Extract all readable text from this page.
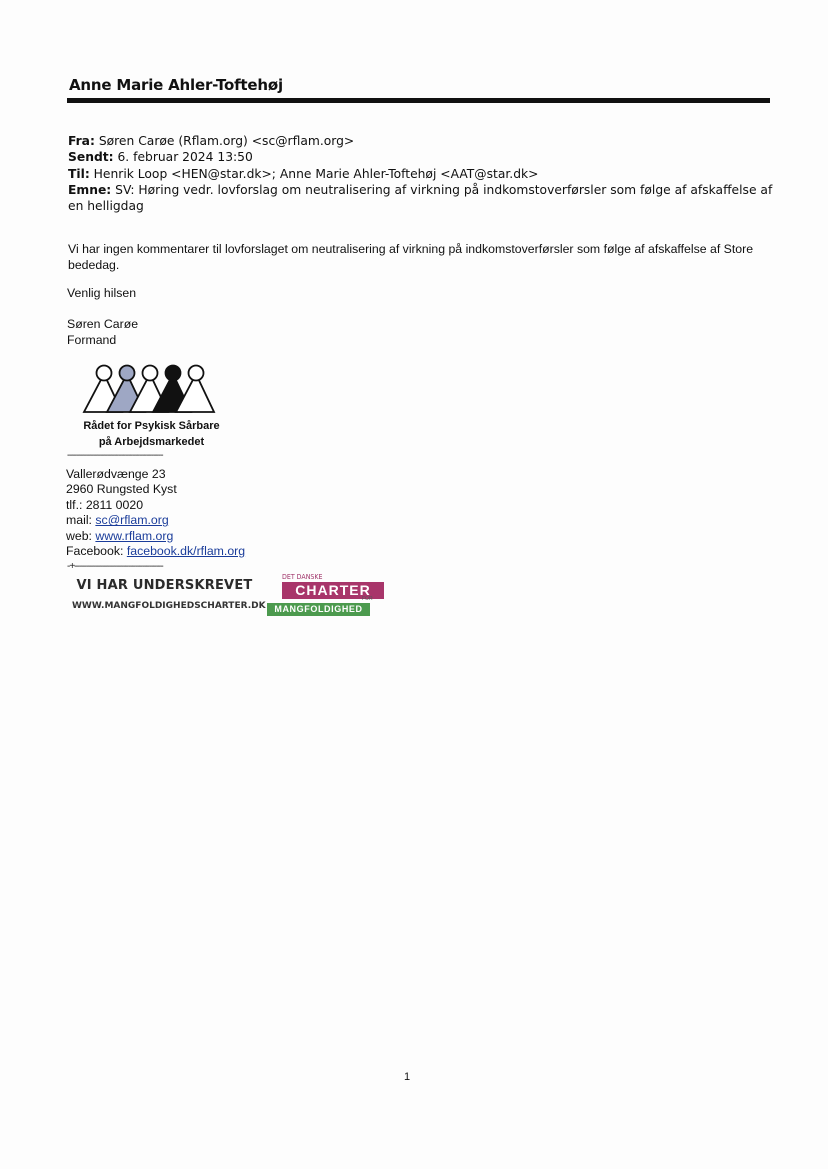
Anne Marie Ahler-Toftehøj

Fra: Søren Carøe (Rflam.org) <sc@rflam.org>

Sendt: 6. februar 2024 13:50

Til: Henrik Loop <HEN@star.dk>; Anne Marie Ahler-Toftehøj <AAT@star.dk>

Emne: SV: Høring vedr. lovforslag om neutralisering af virkning på indkomstoverførsler som følge af afskaffelse af en helligdag

Vi har ingen kommentarer til lovforslaget om neutralisering af virkning på indkomstoverførsler som følge af afskaffelse af Store bededag.
Venlig hilsen
Søren Carøe
Formand
Rådet for Psykisk Sårbare
på Arbejdsmarkedet
-----------------------------------------
Vallerødvænge 23
2960 Rungsted Kyst
tlf.: 2811 0020
mail: sc@rflam.org
web: www.rflam.org
Facebook: facebook.dk/rflam.org
-+--------------------------------------
VI HAR UNDERSKREVET
WWW.MANGFOLDIGHEDSCHARTER.DK
DET DANSKE
CHARTER
FOR
MANGFOLDIGHED
1
